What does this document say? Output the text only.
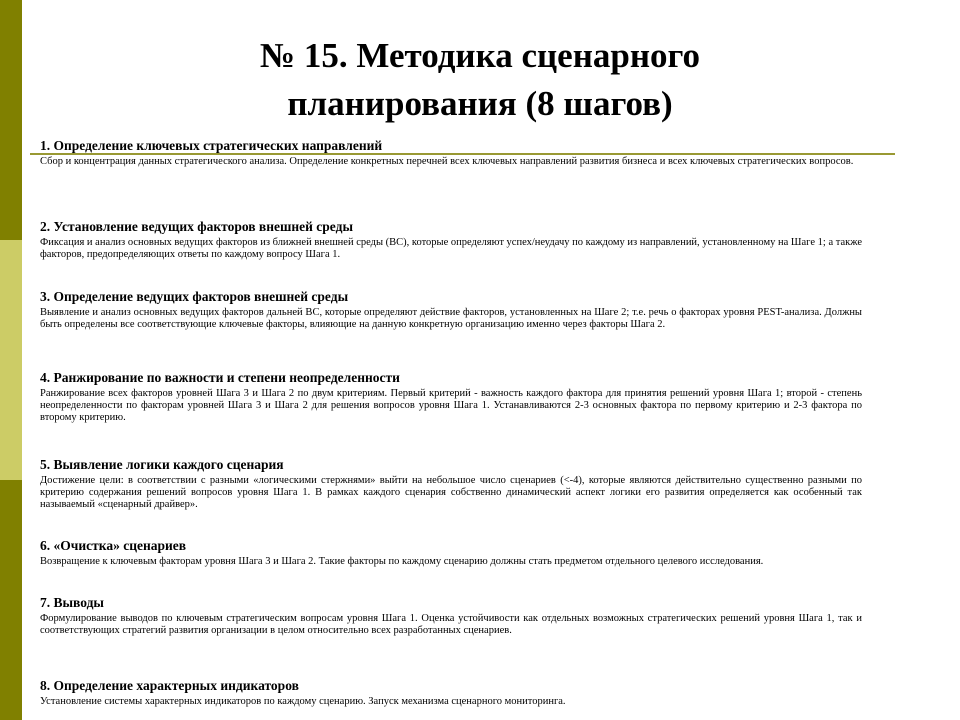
№ 15. Методика сценарного
планирования (8 шагов)
1. Определение ключевых стратегических направлений

Сбор и концентрация данных стратегического анализа. Определение конкретных перечней всех ключевых направлений развития бизнеса и всех ключевых стратегических вопросов.

2. Установление ведущих факторов внешней среды

Фиксация и анализ основных ведущих факторов из ближней внешней среды (ВС), которые определяют успех/неудачу по каждому из направлений, установленному на Шаге 1; а также факторов, предопределяющих ответы по каждому вопросу Шага 1.

3. Определение ведущих факторов внешней среды

Выявление и анализ основных ведущих факторов дальней ВС, которые определяют действие факторов, установленных на Шаге 2; т.е. речь о факторах уровня PEST-анализа. Должны быть определены все соответствующие ключевые факторы, влияющие на данную конкретную организацию именно через факторы Шага 2.

4. Ранжирование по важности и степени неопределенности

Ранжирование всех факторов уровней Шага 3 и Шага 2 по двум критериям. Первый критерий - важность каждого фактора для принятия решений уровня Шага 1; второй - степень неопределенности по факторам уровней Шага 3 и Шага 2 для решения вопросов уровня Шага 1. Устанавливаются 2-3 основных фактора по первому критерию и 2-3 фактора по второму критерию.

5. Выявление логики каждого сценария

Достижение цели: в соответствии с разными «логическими стержнями» выйти на небольшое число сценариев (<-4), которые являются действительно существенно разными по критерию содержания решений вопросов уровня Шага 1. В рамках каждого сценария собственно динамический аспект логики его развития определяется как особенный так называемый «сценарный драйвер».

6. «Очистка» сценариев

Возвращение к ключевым факторам уровня Шага 3 и Шага 2. Такие факторы по каждому сценарию должны стать предметом отдельного целевого исследования.

7. Выводы

Формулирование выводов по ключевым стратегическим вопросам уровня Шага 1. Оценка устойчивости как отдельных возможных стратегических решений уровня Шага 1, так и соответствующих стратегий развития организации в целом относительно всех разработанных сценариев.

8. Определение характерных индикаторов

Установление системы характерных индикаторов по каждому сценарию. Запуск механизма сценарного мониторинга.
